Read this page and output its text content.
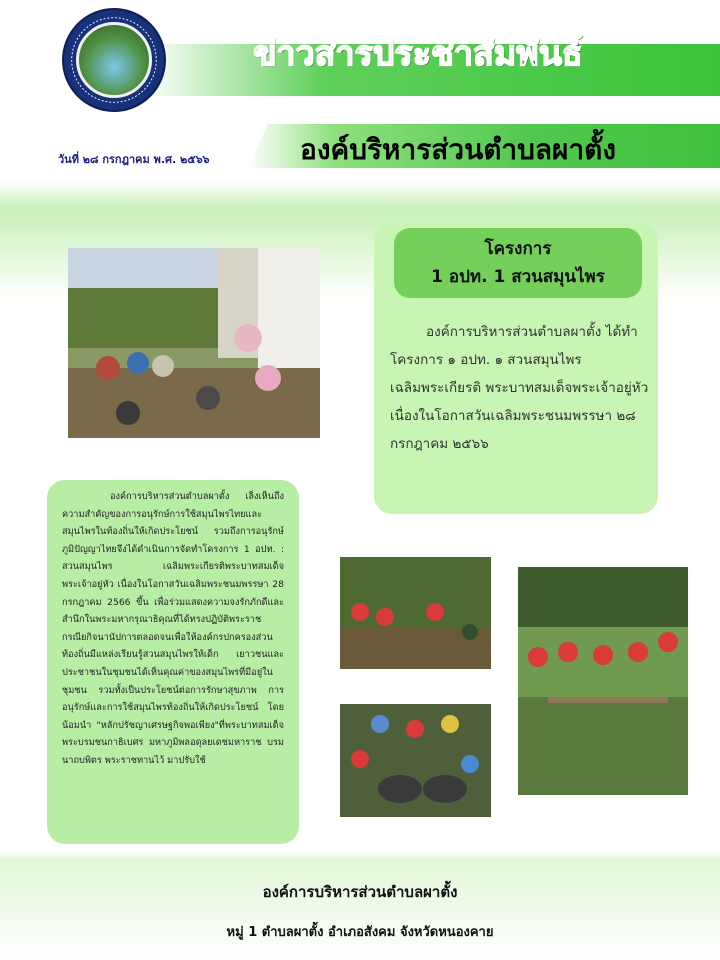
ข่าวสารประชาสัมพันธ์
วันที่ ๒๘ กรกฎาคม พ.ศ. ๒๕๖๖	องค์บริหารส่วนตำบลผาตั้ง
โครงการ
1 อปท. 1 สวนสมุนไพร
องค์การบริหารส่วนตำบลผาตั้ง ได้ทำโครงการ ๑ อปท. ๑ สวนสมุนไพร เฉลิมพระเกียรติ พระบาทสมเด็จพระเจ้าอยู่หัว เนื่องในโอกาสวันเฉลิมพระชนมพรรษา ๒๘ กรกฎาคม ๒๕๖๖
องค์การบริหารส่วนตำบลผาตั้ง เล็งเห็นถึงความสำคัญของการอนุรักษ์การใช้สมุนไพรไทยและสมุนไพรในท้องถิ่นให้เกิดประโยชน์ รวมถึงการอนุรักษ์ภูมิปัญญาไทยจึงได้ดำเนินการจัดทำโครงการ 1 อปท. : สวนสมุนไพร เฉลิมพระเกียรติพระบาทสมเด็จพระเจ้าอยู่หัว เนื่องในโอกาสวันเฉลิมพระชนมพรรษา 28 กรกฎาคม 2566 ขึ้น เพื่อร่วมแสดงความจงรักภักดีและสำนึกในพระมหากรุณาธิคุณที่ได้ทรงปฏิบัติพระราชกรณียกิจนานัปการตลอดจนเพื่อให้องค์กรปกครองส่วนท้องถิ่นมีแหล่งเรียนรู้สวนสมุนไพรให้เด็ก เยาวชนและประชาชนในชุมชนได้เห็นคุณค่าของสมุนไพรที่มีอยู่ในชุมชน รวมทั้งเป็นประโยชน์ต่อการรักษาสุขภาพ การอนุรักษ์และการใช้สมุนไพรท้องถิ่นให้เกิดประโยชน์ โดยน้อมนำ "หลักปรัชญาเศรษฐกิจพอเพียง"ที่พระบาทสมเด็จพระบรมชนกาธิเบศร มหาภูมิพลอดุลยเดชมหาราช บรมนาถบพิตร พระราชทานไว้ มาปรับใช้
องค์การบริหารส่วนตำบลผาตั้ง
หมู่ 1 ตำบลผาตั้ง อำเภอสังคม จังหวัดหนองคาย
